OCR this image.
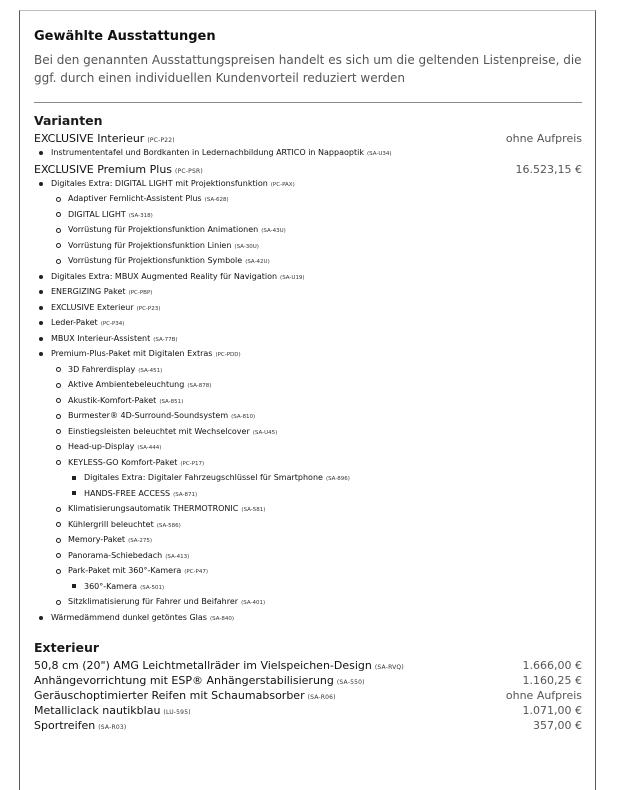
Gewählte Ausstattungen

Bei den genannten Ausstattungspreisen handelt es sich um die geltenden Listenpreise, die ggf. durch einen individuellen Kundenvorteil reduziert werden

Varianten
EXCLUSIVE Interieur (PC-P22)	ohne Aufpreis
Instrumententafel und Bordkanten in Ledernachbildung ARTICO in Nappaoptik (SA-U34)
EXCLUSIVE Premium Plus (PC-PSR)	16.523,15 €
Digitales Extra: DIGITAL LIGHT mit Projektionsfunktion (PC-PAX)
Adaptiver Fernlicht-Assistent Plus (SA-628)
DIGITAL LIGHT (SA-318)
Vorrüstung für Projektionsfunktion Animationen (SA-43U)
Vorrüstung für Projektionsfunktion Linien (SA-30U)
Vorrüstung für Projektionsfunktion Symbole (SA-42U)
Digitales Extra: MBUX Augmented Reality für Navigation (SA-U19)
ENERGIZING Paket (PC-PBP)
EXCLUSIVE Exterieur (PC-P23)
Leder-Paket (PC-P34)
MBUX Interieur-Assistent (SA-77B)
Premium-Plus-Paket mit Digitalen Extras (PC-PDD)
3D Fahrerdisplay (SA-451)
Aktive Ambientebeleuchtung (SA-878)
Akustik-Komfort-Paket (SA-851)
Burmester® 4D-Surround-Soundsystem (SA-810)
Einstiegsleisten beleuchtet mit Wechselcover (SA-U45)
Head-up-Display (SA-444)
KEYLESS-GO Komfort-Paket (PC-P17)
Digitales Extra: Digitaler Fahrzeugschlüssel für Smartphone (SA-896)
HANDS-FREE ACCESS (SA-871)
Klimatisierungsautomatik THERMOTRONIC (SA-581)
Kühlergrill beleuchtet (SA-586)
Memory-Paket (SA-275)
Panorama-Schiebedach (SA-413)
Park-Paket mit 360°-Kamera (PC-P47)
360°-Kamera (SA-501)
Sitzklimatisierung für Fahrer und Beifahrer (SA-401)
Wärmedämmend dunkel getöntes Glas (SA-840)
Exterieur
50,8 cm (20") AMG Leichtmetallräder im Vielspeichen-Design (SA-RVQ)	1.666,00 €
Anhängevorrichtung mit ESP® Anhängerstabilisierung (SA-550)	1.160,25 €
Geräuschoptimierter Reifen mit Schaumabsorber (SA-R06)	ohne Aufpreis
Metalliclack nautikblau (LU-595)	1.071,00 €
Sportreifen (SA-R03)	357,00 €
